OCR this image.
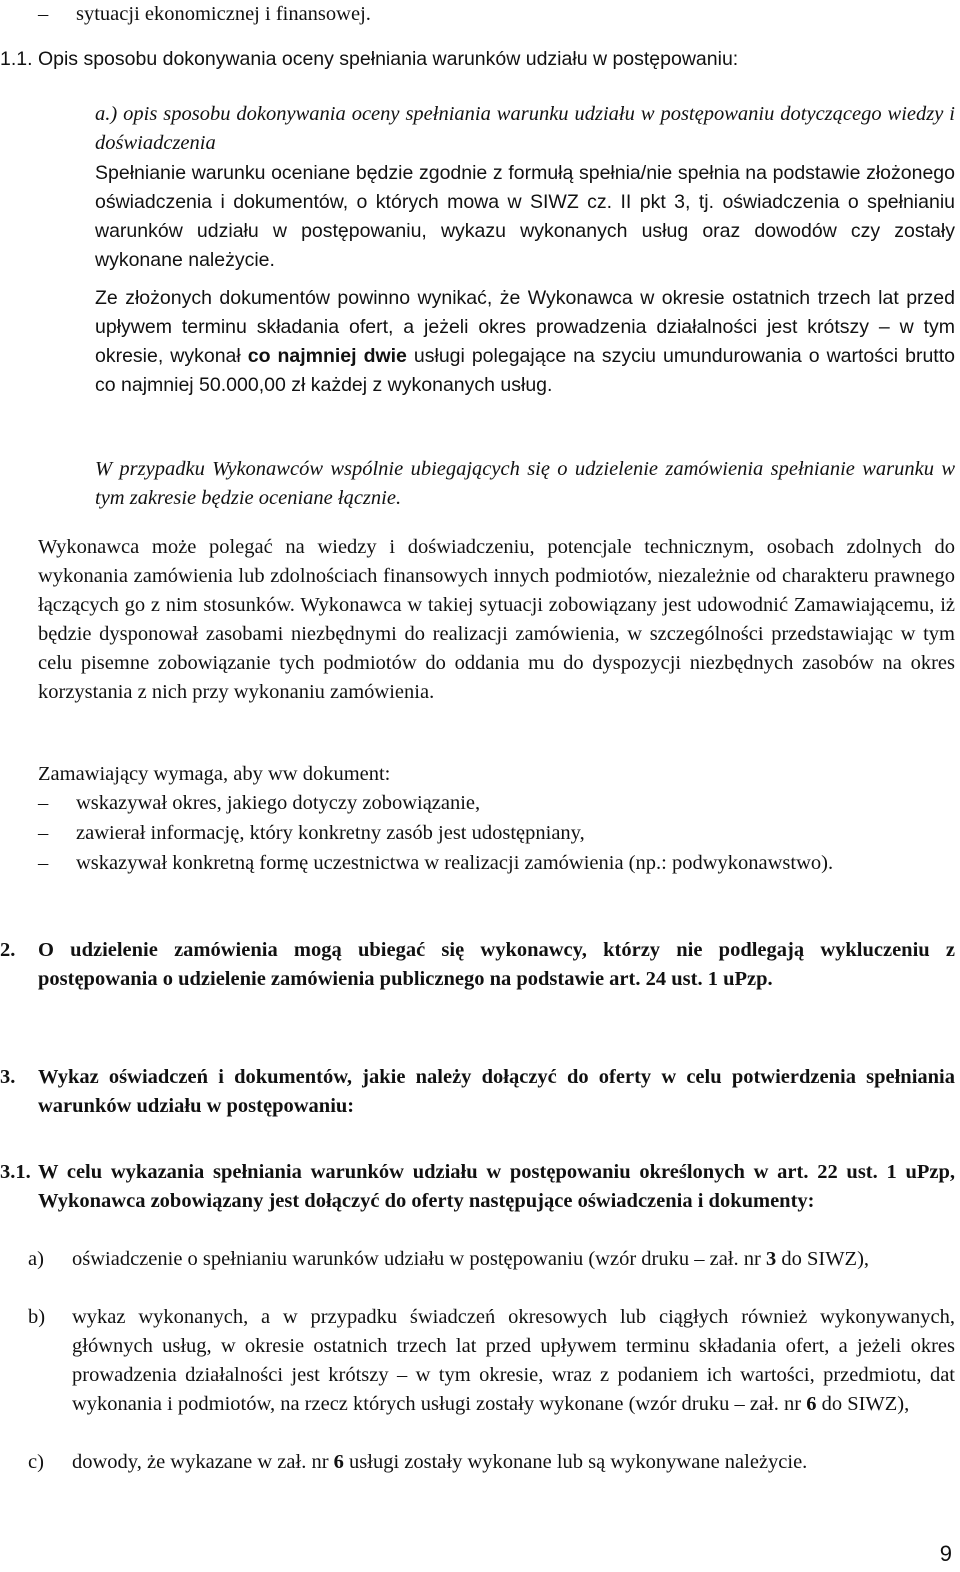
– sytuacji ekonomicznej i finansowej.
1.1. Opis sposobu dokonywania oceny spełniania warunków udziału w postępowaniu:
a.) opis sposobu dokonywania oceny spełniania warunku udziału w postępowaniu dotyczącego wiedzy i doświadczenia
Spełnianie warunku oceniane będzie zgodnie z formułą spełnia/nie spełnia na podstawie złożonego oświadczenia i dokumentów, o których mowa w SIWZ cz. II pkt 3, tj. oświadczenia o spełnianiu warunków udziału w postępowaniu, wykazu wykonanych usług oraz dowodów czy zostały wykonane należycie.
Ze złożonych dokumentów powinno wynikać, że Wykonawca w okresie ostatnich trzech lat przed upływem terminu składania ofert, a jeżeli okres prowadzenia działalności jest krótszy – w tym okresie, wykonał co najmniej dwie usługi polegające na szyciu umundurowania o wartości brutto co najmniej 50.000,00 zł każdej z wykonanych usług.
W przypadku Wykonawców wspólnie ubiegających się o udzielenie zamówienia spełnianie warunku w tym zakresie będzie oceniane łącznie.
Wykonawca może polegać na wiedzy i doświadczeniu, potencjale technicznym, osobach zdolnych do wykonania zamówienia lub zdolnościach finansowych innych podmiotów, niezależnie od charakteru prawnego łączących go z nim stosunków. Wykonawca w takiej sytuacji zobowiązany jest udowodnić Zamawiającemu, iż będzie dysponował zasobami niezbędnymi do realizacji zamówienia, w szczególności przedstawiając w tym celu pisemne zobowiązanie tych podmiotów do oddania mu do dyspozycji niezbędnych zasobów na okres korzystania z nich przy wykonaniu zamówienia.
Zamawiający wymaga, aby ww dokument:
– wskazywał okres, jakiego dotyczy zobowiązanie,
– zawierał informację, który konkretny zasób jest udostępniany,
– wskazywał konkretną formę uczestnictwa w realizacji zamówienia (np.: podwykonawstwo).
2. O udzielenie zamówienia mogą ubiegać się wykonawcy, którzy nie podlegają wykluczeniu z postępowania o udzielenie zamówienia publicznego na podstawie art. 24 ust. 1 uPzp.
3. Wykaz oświadczeń i dokumentów, jakie należy dołączyć do oferty w celu potwierdzenia spełniania warunków udziału w postępowaniu:
3.1. W celu wykazania spełniania warunków udziału w postępowaniu określonych w art. 22 ust. 1 uPzp, Wykonawca zobowiązany jest dołączyć do oferty następujące oświadczenia i dokumenty:
a) oświadczenie o spełnianiu warunków udziału w postępowaniu (wzór druku – zał. nr 3 do SIWZ),
b) wykaz wykonanych, a w przypadku świadczeń okresowych lub ciągłych również wykonywanych, głównych usług, w okresie ostatnich trzech lat przed upływem terminu składania ofert, a jeżeli okres prowadzenia działalności jest krótszy – w tym okresie, wraz z podaniem ich wartości, przedmiotu, dat wykonania i podmiotów, na rzecz których usługi zostały wykonane (wzór druku – zał. nr 6 do SIWZ),
c) dowody, że wykazane w zał. nr 6 usługi zostały wykonane lub są wykonywane należycie.
9
